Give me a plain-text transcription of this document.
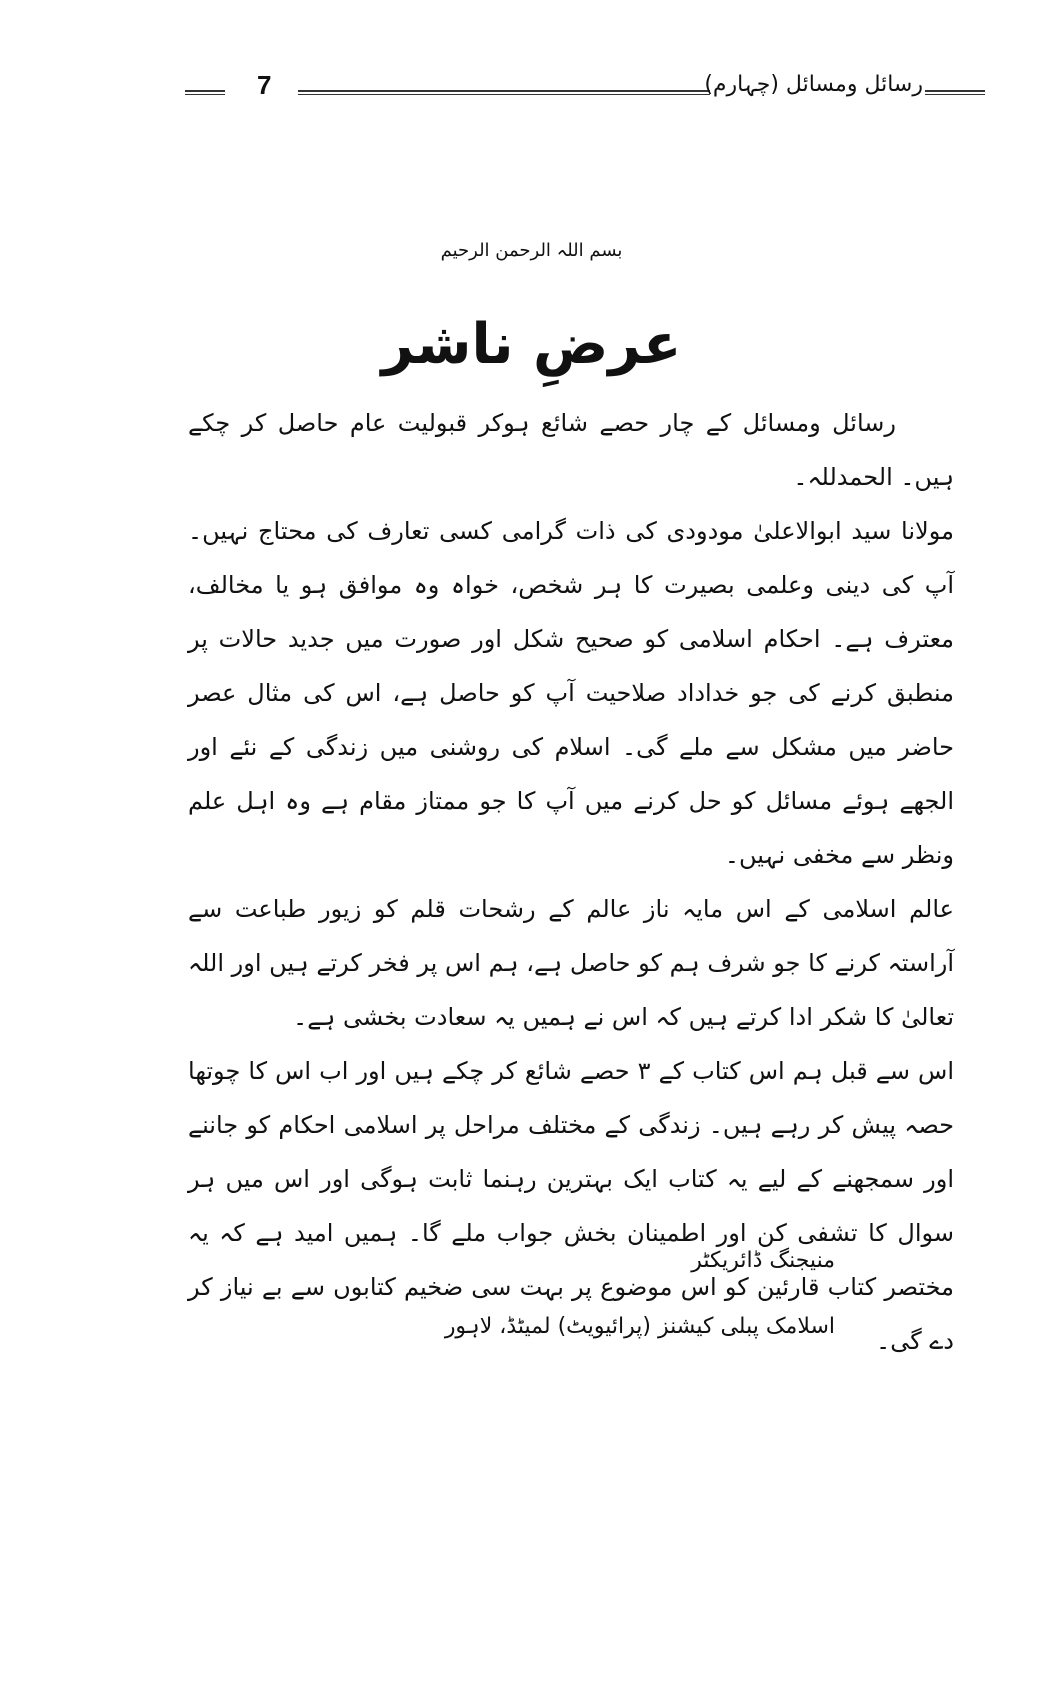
7	رسائل ومسائل (چہارم)
بسم اللہ الرحمن الرحیم
عرضِ ناشر

رسائل ومسائل کے چار حصے شائع ہوکر قبولیت عام حاصل کر چکے ہیں۔ الحمدللہ۔

مولانا سید ابوالاعلیٰ مودودی کی ذات گرامی کسی تعارف کی محتاج نہیں۔ آپ کی دینی وعلمی بصیرت کا ہر شخص، خواہ وہ موافق ہو یا مخالف، معترف ہے۔ احکام اسلامی کو صحیح شکل اور صورت میں جدید حالات پر منطبق کرنے کی جو خداداد صلاحیت آپ کو حاصل ہے، اس کی مثال عصر حاضر میں مشکل سے ملے گی۔ اسلام کی روشنی میں زندگی کے نئے اور الجھے ہوئے مسائل کو حل کرنے میں آپ کا جو ممتاز مقام ہے وہ اہل علم ونظر سے مخفی نہیں۔

عالم اسلامی کے اس مایہ ناز عالم کے رشحات قلم کو زیور طباعت سے آراستہ کرنے کا جو شرف ہم کو حاصل ہے، ہم اس پر فخر کرتے ہیں اور اللہ تعالیٰ کا شکر ادا کرتے ہیں کہ اس نے ہمیں یہ سعادت بخشی ہے۔

اس سے قبل ہم اس کتاب کے ۳ حصے شائع کر چکے ہیں اور اب اس کا چوتھا حصہ پیش کر رہے ہیں۔ زندگی کے مختلف مراحل پر اسلامی احکام کو جاننے اور سمجھنے کے لیے یہ کتاب ایک بہترین رہنما ثابت ہوگی اور اس میں ہر سوال کا تشفی کن اور اطمینان بخش جواب ملے گا۔ ہمیں امید ہے کہ یہ مختصر کتاب قارئین کو اس موضوع پر بہت سی ضخیم کتابوں سے بے نیاز کر دے گی۔

منیجنگ ڈائریکٹر
اسلامک پبلی کیشنز (پرائیویٹ) لمیٹڈ، لاہور
